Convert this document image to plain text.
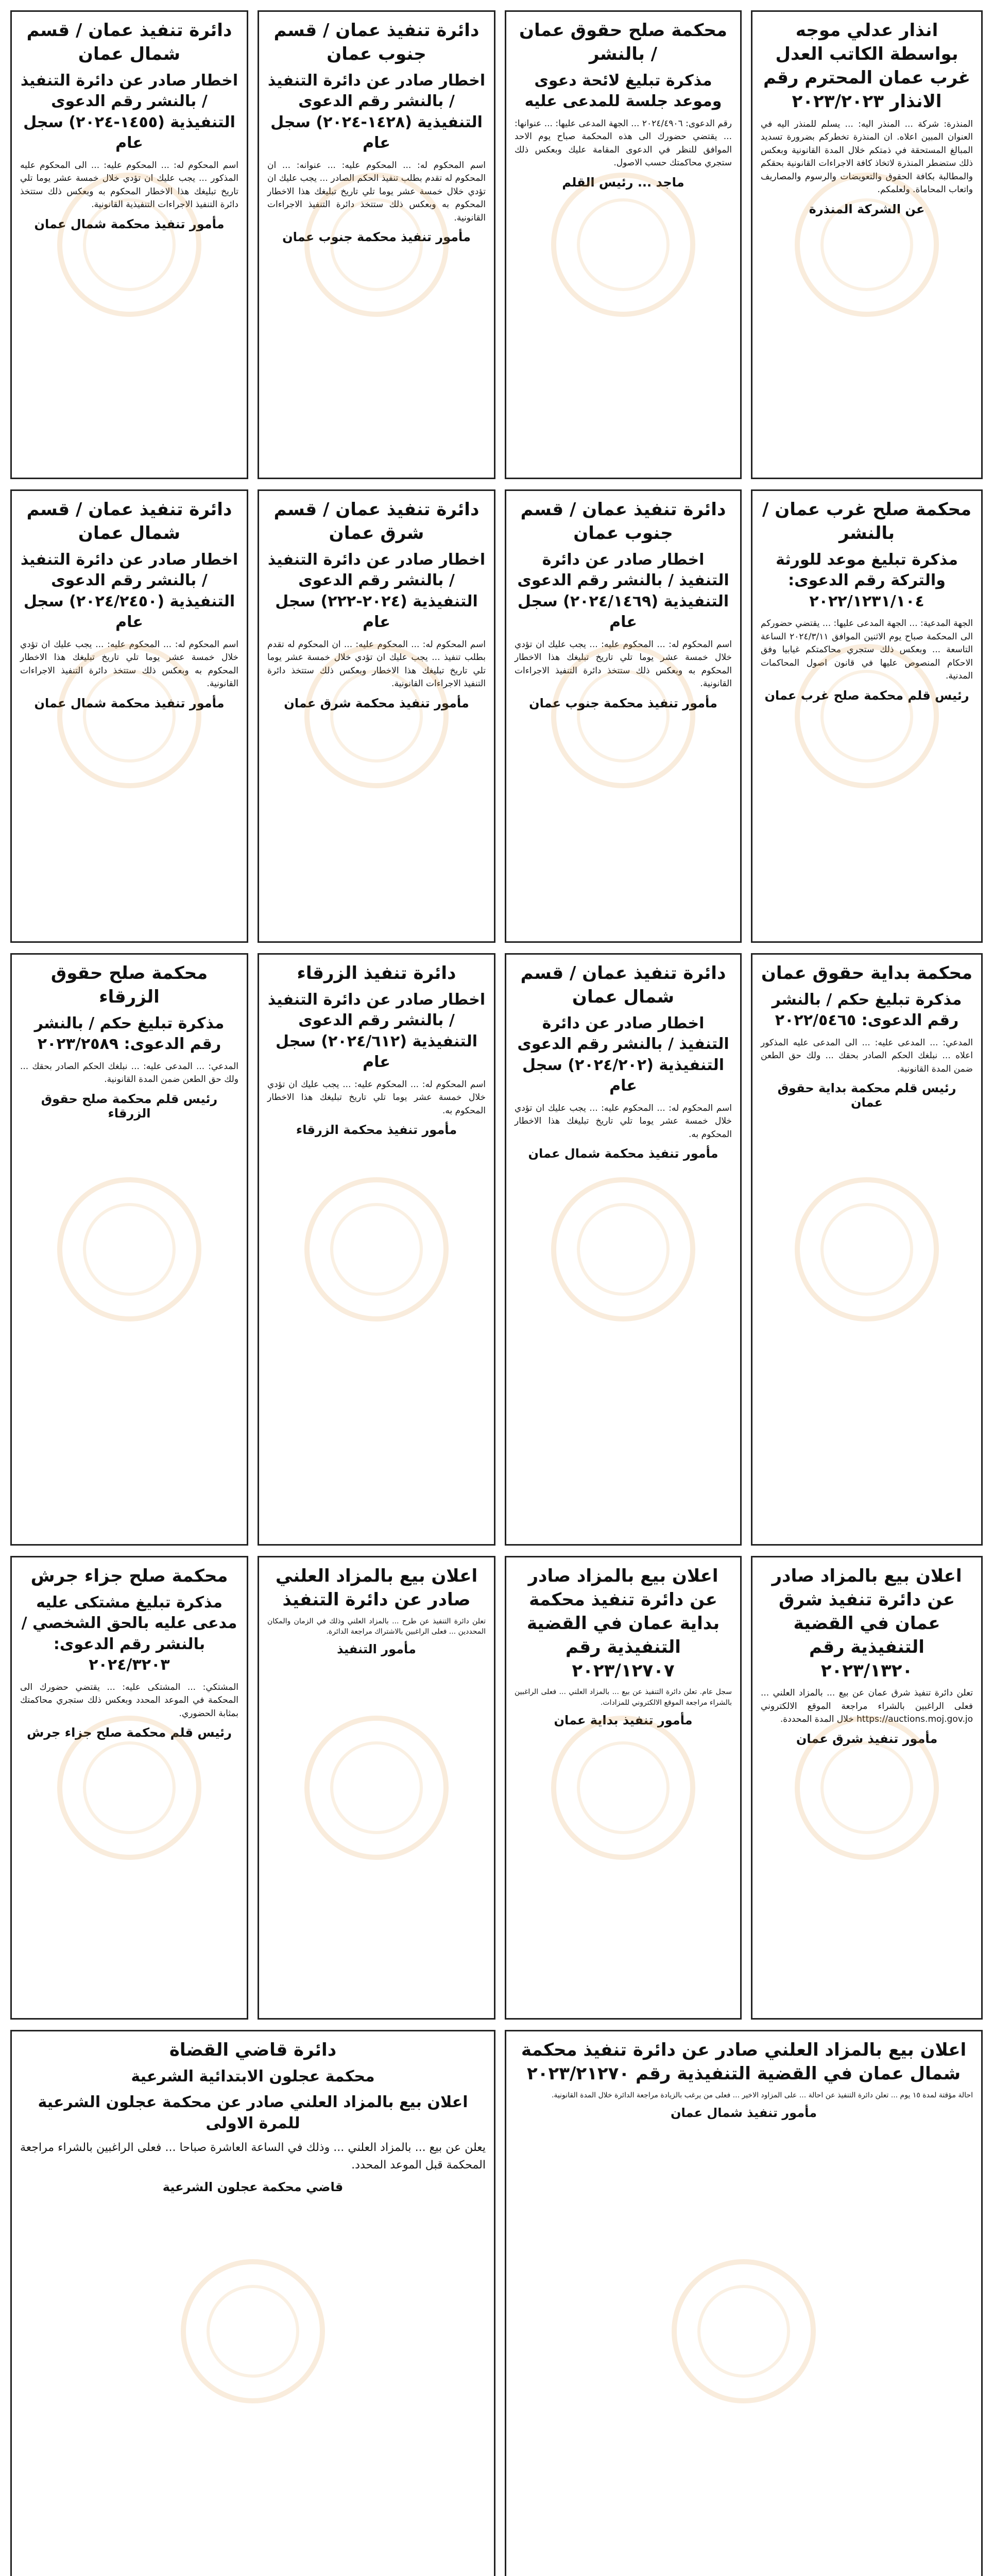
انذار عدلي موجه بواسطة الكاتب العدل غرب عمان المحترم رقم الانذار ٢٠٢٣/٢٠٢٣
المنذرة: شركة ... المنذر اليه: ... يسلم للمنذر اليه في العنوان المبين اعلاه. ان المنذرة تخطركم بضرورة تسديد المبالغ المستحقة في ذمتكم خلال المدة القانونية وبعكس ذلك ستضطر المنذرة لاتخاذ كافة الاجراءات القانونية بحقكم والمطالبة بكافة الحقوق والتعويضات والرسوم والمصاريف واتعاب المحاماة. ولعلمكم.
عن الشركة المنذرة
محكمة صلح حقوق عمان / بالنشر
مذكرة تبليغ لائحة دعوى وموعد جلسة للمدعى عليه
رقم الدعوى: ٢٠٢٤/٤٩٠٦ ... الجهة المدعى عليها: ... عنوانها: ... يقتضي حضورك الى هذه المحكمة صباح يوم الاحد الموافق للنظر في الدعوى المقامة عليك وبعكس ذلك ستجري محاكمتك حسب الاصول.
ماجد ... رئيس القلم
دائرة تنفيذ عمان / قسم جنوب عمان
اخطار صادر عن دائرة التنفيذ / بالنشر رقم الدعوى التنفيذية (١٤٢٨-٢٠٢٤) سجل عام
اسم المحكوم له: ... المحكوم عليه: ... عنوانه: ... ان المحكوم له تقدم بطلب تنفيذ الحكم الصادر ... يجب عليك ان تؤدي خلال خمسة عشر يوما تلي تاريخ تبليغك هذا الاخطار المحكوم به وبعكس ذلك ستتخذ دائرة التنفيذ الاجراءات القانونية.
مأمور تنفيذ محكمة جنوب عمان
دائرة تنفيذ عمان / قسم شمال عمان
اخطار صادر عن دائرة التنفيذ / بالنشر رقم الدعوى التنفيذية (١٤٥٥-٢٠٢٤) سجل عام
اسم المحكوم له: ... المحكوم عليه: ... الى المحكوم عليه المذكور ... يجب عليك ان تؤدي خلال خمسة عشر يوما تلي تاريخ تبليغك هذا الاخطار المحكوم به وبعكس ذلك ستتخذ دائرة التنفيذ الاجراءات التنفيذية القانونية.
مأمور تنفيذ محكمة شمال عمان
محكمة صلح غرب عمان / بالنشر
مذكرة تبليغ موعد للورثة والتركة رقم الدعوى: ٢٠٢٢/١٢٣١/١٠٤
الجهة المدعية: ... الجهة المدعى عليها: ... يقتضي حضوركم الى المحكمة صباح يوم الاثنين الموافق ٢٠٢٤/٣/١١ الساعة التاسعة ... وبعكس ذلك ستجري محاكمتكم غيابيا وفق الاحكام المنصوص عليها في قانون اصول المحاكمات المدنية.
رئيس قلم محكمة صلح غرب عمان
دائرة تنفيذ عمان / قسم جنوب عمان
اخطار صادر عن دائرة التنفيذ / بالنشر رقم الدعوى التنفيذية (٢٠٢٤/١٤٦٩) سجل عام
اسم المحكوم له: ... المحكوم عليه: ... يجب عليك ان تؤدي خلال خمسة عشر يوما تلي تاريخ تبليغك هذا الاخطار المحكوم به وبعكس ذلك ستتخذ دائرة التنفيذ الاجراءات القانونية.
مأمور تنفيذ محكمة جنوب عمان
دائرة تنفيذ عمان / قسم شرق عمان
اخطار صادر عن دائرة التنفيذ / بالنشر رقم الدعوى التنفيذية (٢٠٢٤-٢٢٢) سجل عام
اسم المحكوم له: ... المحكوم عليه: ... ان المحكوم له تقدم بطلب تنفيذ ... يجب عليك ان تؤدي خلال خمسة عشر يوما تلي تاريخ تبليغك هذا الاخطار وبعكس ذلك ستتخذ دائرة التنفيذ الاجراءات القانونية.
مأمور تنفيذ محكمة شرق عمان
دائرة تنفيذ عمان / قسم شمال عمان
اخطار صادر عن دائرة التنفيذ / بالنشر رقم الدعوى التنفيذية (٢٠٢٤/٢٤٥٠) سجل عام
اسم المحكوم له: ... المحكوم عليه: ... يجب عليك ان تؤدي خلال خمسة عشر يوما تلي تاريخ تبليغك هذا الاخطار المحكوم به وبعكس ذلك ستتخذ دائرة التنفيذ الاجراءات القانونية.
مأمور تنفيذ محكمة شمال عمان
محكمة بداية حقوق عمان
مذكرة تبليغ حكم / بالنشر رقم الدعوى: ٢٠٢٢/٥٤٦٥
المدعي: ... المدعى عليه: ... الى المدعى عليه المذكور اعلاه ... نبلغك الحكم الصادر بحقك ... ولك حق الطعن ضمن المدة القانونية.
رئيس قلم محكمة بداية حقوق عمان
دائرة تنفيذ عمان / قسم شمال عمان
اخطار صادر عن دائرة التنفيذ / بالنشر رقم الدعوى التنفيذية (٢٠٢٤/٢٠٢) سجل عام
اسم المحكوم له: ... المحكوم عليه: ... يجب عليك ان تؤدي خلال خمسة عشر يوما تلي تاريخ تبليغك هذا الاخطار المحكوم به.
مأمور تنفيذ محكمة شمال عمان
دائرة تنفيذ الزرقاء
اخطار صادر عن دائرة التنفيذ / بالنشر رقم الدعوى التنفيذية (٢٠٢٤/٦١٢) سجل عام
اسم المحكوم له: ... المحكوم عليه: ... يجب عليك ان تؤدي خلال خمسة عشر يوما تلي تاريخ تبليغك هذا الاخطار المحكوم به.
مأمور تنفيذ محكمة الزرقاء
محكمة صلح حقوق الزرقاء
مذكرة تبليغ حكم / بالنشر رقم الدعوى: ٢٠٢٣/٢٥٨٩
المدعي: ... المدعى عليه: ... نبلغك الحكم الصادر بحقك ... ولك حق الطعن ضمن المدة القانونية.
رئيس قلم محكمة صلح حقوق الزرقاء
اعلان بيع بالمزاد صادر عن دائرة تنفيذ شرق عمان في القضية التنفيذية رقم ٢٠٢٣/١٣٢٠
تعلن دائرة تنفيذ شرق عمان عن بيع ... بالمزاد العلني ... فعلى الراغبين بالشراء مراجعة الموقع الالكتروني https://auctions.moj.gov.jo خلال المدة المحددة.
مأمور تنفيذ شرق عمان
اعلان بيع بالمزاد صادر عن دائرة تنفيذ محكمة بداية عمان في القضية التنفيذية رقم ٢٠٢٣/١٢٧٠٧
سجل عام. تعلن دائرة التنفيذ عن بيع ... بالمزاد العلني ... فعلى الراغبين بالشراء مراجعة الموقع الالكتروني للمزادات.
مأمور تنفيذ بداية عمان
اعلان بيع بالمزاد العلني صادر عن دائرة التنفيذ
تعلن دائرة التنفيذ عن طرح ... بالمزاد العلني وذلك في الزمان والمكان المحددين ... فعلى الراغبين بالاشتراك مراجعة الدائرة.
مأمور التنفيذ
محكمة صلح جزاء جرش
مذكرة تبليغ مشتكى عليه مدعى عليه بالحق الشخصي / بالنشر رقم الدعوى: ٢٠٢٤/٣٢٠٣
المشتكي: ... المشتكى عليه: ... يقتضي حضورك الى المحكمة في الموعد المحدد وبعكس ذلك ستجري محاكمتك بمثابة الحضوري.
رئيس قلم محكمة صلح جزاء جرش
اعلان بيع بالمزاد العلني صادر عن دائرة تنفيذ محكمة شمال عمان في القضية التنفيذية رقم ٢٠٢٣/٢١٢٧٠
احالة مؤقتة لمدة ١٥ يوم ... تعلن دائرة التنفيذ عن احالة ... على المزاود الاخير ... فعلى من يرغب بالزيادة مراجعة الدائرة خلال المدة القانونية.
مأمور تنفيذ شمال عمان
دائرة قاضي القضاة
محكمة عجلون الابتدائية الشرعية
اعلان بيع بالمزاد العلني صادر عن محكمة عجلون الشرعية للمرة الاولى
يعلن عن بيع ... بالمزاد العلني ... وذلك في الساعة العاشرة صباحا ... فعلى الراغبين بالشراء مراجعة المحكمة قبل الموعد المحدد.
قاضي محكمة عجلون الشرعية
